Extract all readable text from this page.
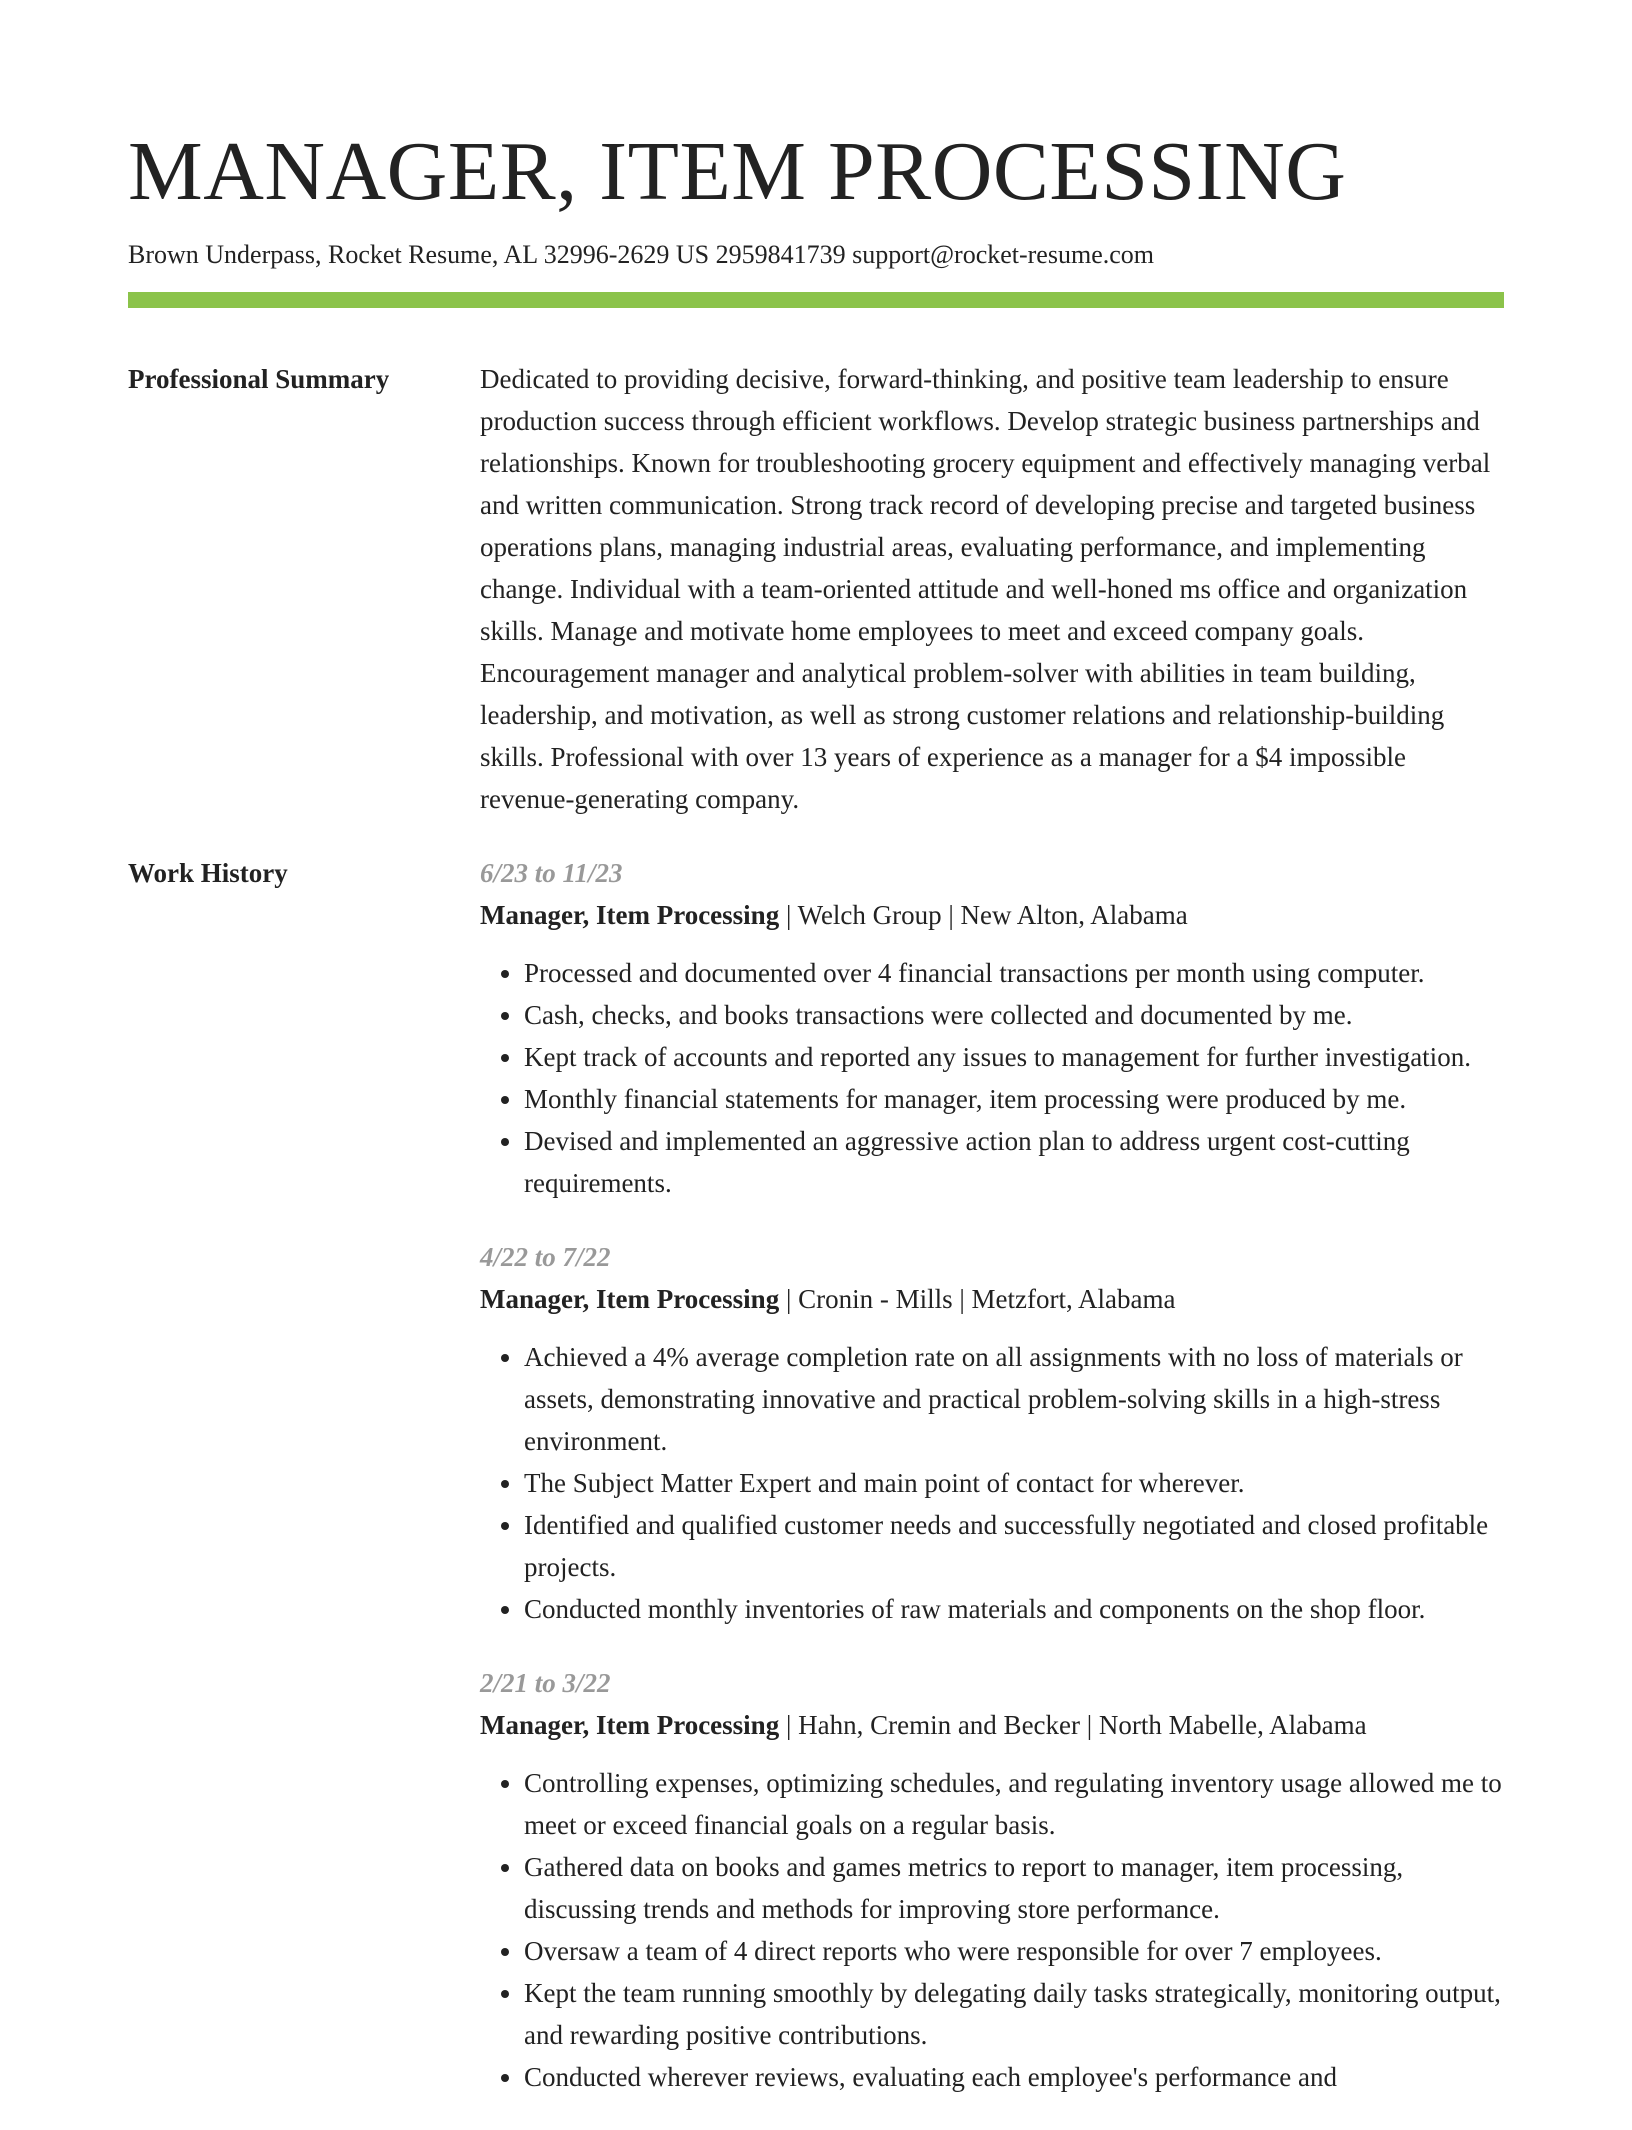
MANAGER, ITEM PROCESSING
Brown Underpass, Rocket Resume, AL 32996-2629 US 2959841739 support@rocket-resume.com
Professional Summary	Dedicated to providing decisive, forward-thinking, and positive team leadership to ensure production success through efficient workflows. Develop strategic business partnerships and relationships. Known for troubleshooting grocery equipment and effectively managing verbal and written communication. Strong track record of developing precise and targeted business operations plans, managing industrial areas, evaluating performance, and implementing change. Individual with a team-oriented attitude and well-honed ms office and organization skills. Manage and motivate home employees to meet and exceed company goals. Encouragement manager and analytical problem-solver with abilities in team building, leadership, and motivation, as well as strong customer relations and relationship-building skills. Professional with over 13 years of experience as a manager for a $4 impossible revenue-generating company.
Work History	6/23 to 11/23
Manager, Item Processing | Welch Group | New Alton, Alabama
• Processed and documented over 4 financial transactions per month using computer.
• Cash, checks, and books transactions were collected and documented by me.
• Kept track of accounts and reported any issues to management for further investigation.
• Monthly financial statements for manager, item processing were produced by me.
• Devised and implemented an aggressive action plan to address urgent cost-cutting requirements.
4/22 to 7/22
Manager, Item Processing | Cronin - Mills | Metzfort, Alabama
• Achieved a 4% average completion rate on all assignments with no loss of materials or assets, demonstrating innovative and practical problem-solving skills in a high-stress environment.
• The Subject Matter Expert and main point of contact for wherever.
• Identified and qualified customer needs and successfully negotiated and closed profitable projects.
• Conducted monthly inventories of raw materials and components on the shop floor.
2/21 to 3/22
Manager, Item Processing | Hahn, Cremin and Becker | North Mabelle, Alabama
• Controlling expenses, optimizing schedules, and regulating inventory usage allowed me to meet or exceed financial goals on a regular basis.
• Gathered data on books and games metrics to report to manager, item processing, discussing trends and methods for improving store performance.
• Oversaw a team of 4 direct reports who were responsible for over 7 employees.
• Kept the team running smoothly by delegating daily tasks strategically, monitoring output, and rewarding positive contributions.
• Conducted wherever reviews, evaluating each employee's performance and
